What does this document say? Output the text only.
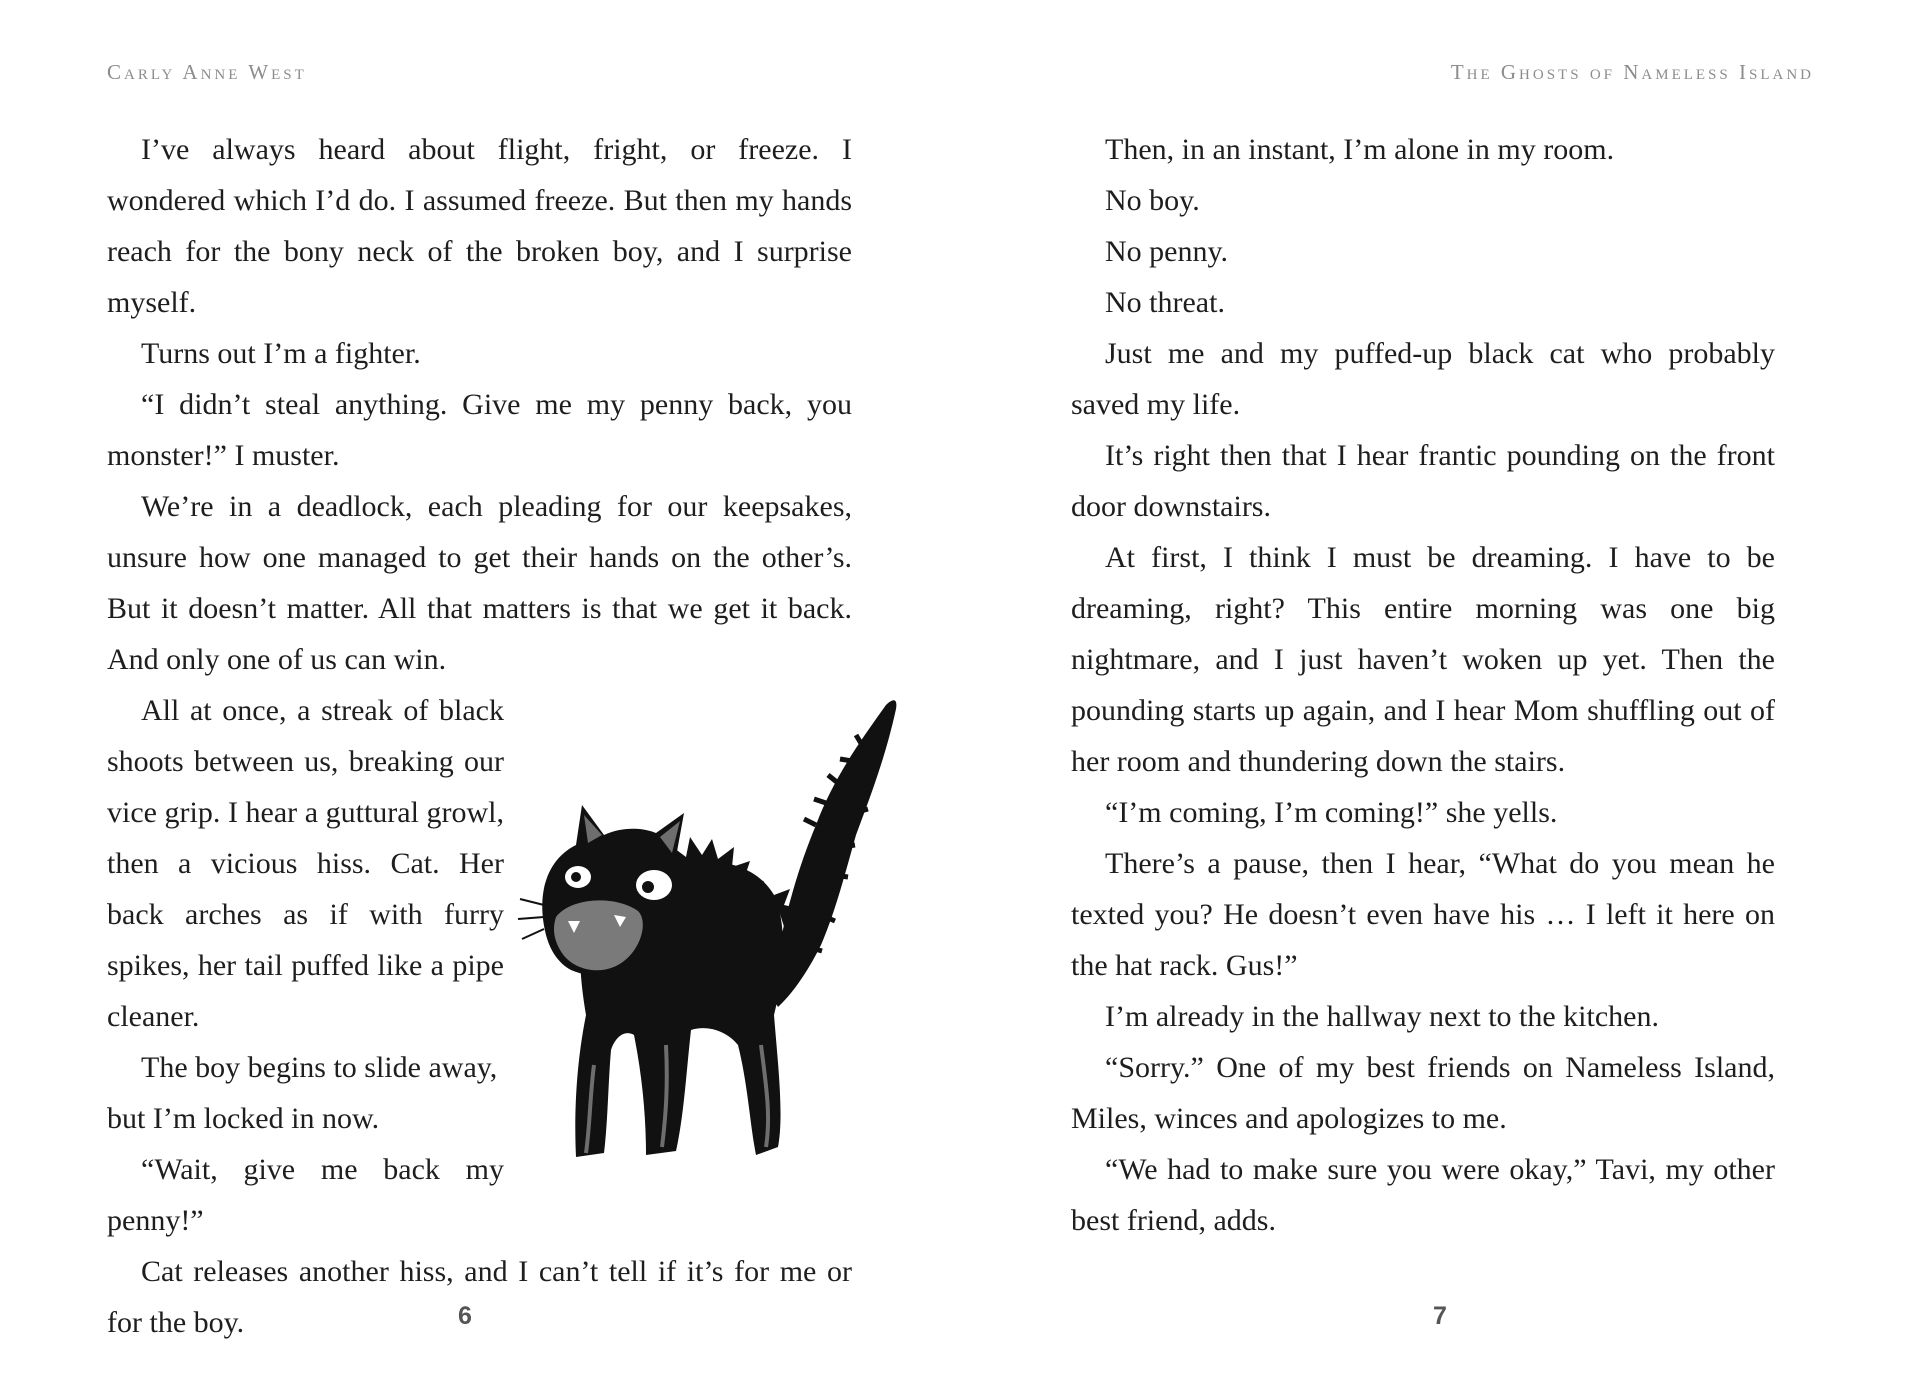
Carly Anne West

I’ve always heard about flight, fright, or freeze. I wondered which I’d do. I assumed freeze. But then my hands reach for the bony neck of the broken boy, and I surprise myself.

Turns out I’m a fighter.

“I didn’t steal anything. Give me my penny back, you monster!” I muster.

We’re in a deadlock, each pleading for our keepsakes, unsure how one managed to get their hands on the other’s. But it doesn’t matter. All that matters is that we get it back. And only one of us can win.

All at once, a streak of black shoots between us, breaking our vice grip. I hear a guttural growl, then a vicious hiss. Cat. Her back arches as if with furry spikes, her tail puffed like a pipe cleaner.

The boy begins to slide away,

but I’m locked in now.

“Wait, give me back my penny!”

Cat releases another hiss, and I can’t tell if it’s for me or for the boy.	6
The Ghosts of Nameless Island

Then, in an instant, I’m alone in my room.

No boy.

No penny.

No threat.

Just me and my puffed-up black cat who probably saved my life.

It’s right then that I hear frantic pounding on the front door downstairs.

At first, I think I must be dreaming. I have to be dreaming, right? This entire morning was one big nightmare, and I just haven’t woken up yet. Then the pounding starts up again, and I hear Mom shuffling out of her room and thundering down the stairs.

“I’m coming, I’m coming!” she yells.

There’s a pause, then I hear, “What do you mean he texted you? He doesn’t even have his … I left it here on the hat rack. Gus!”

I’m already in the hallway next to the kitchen.

“Sorry.” One of my best friends on Nameless Island, Miles, winces and apologizes to me.

“We had to make sure you were okay,” Tavi, my other best friend, adds.

7
